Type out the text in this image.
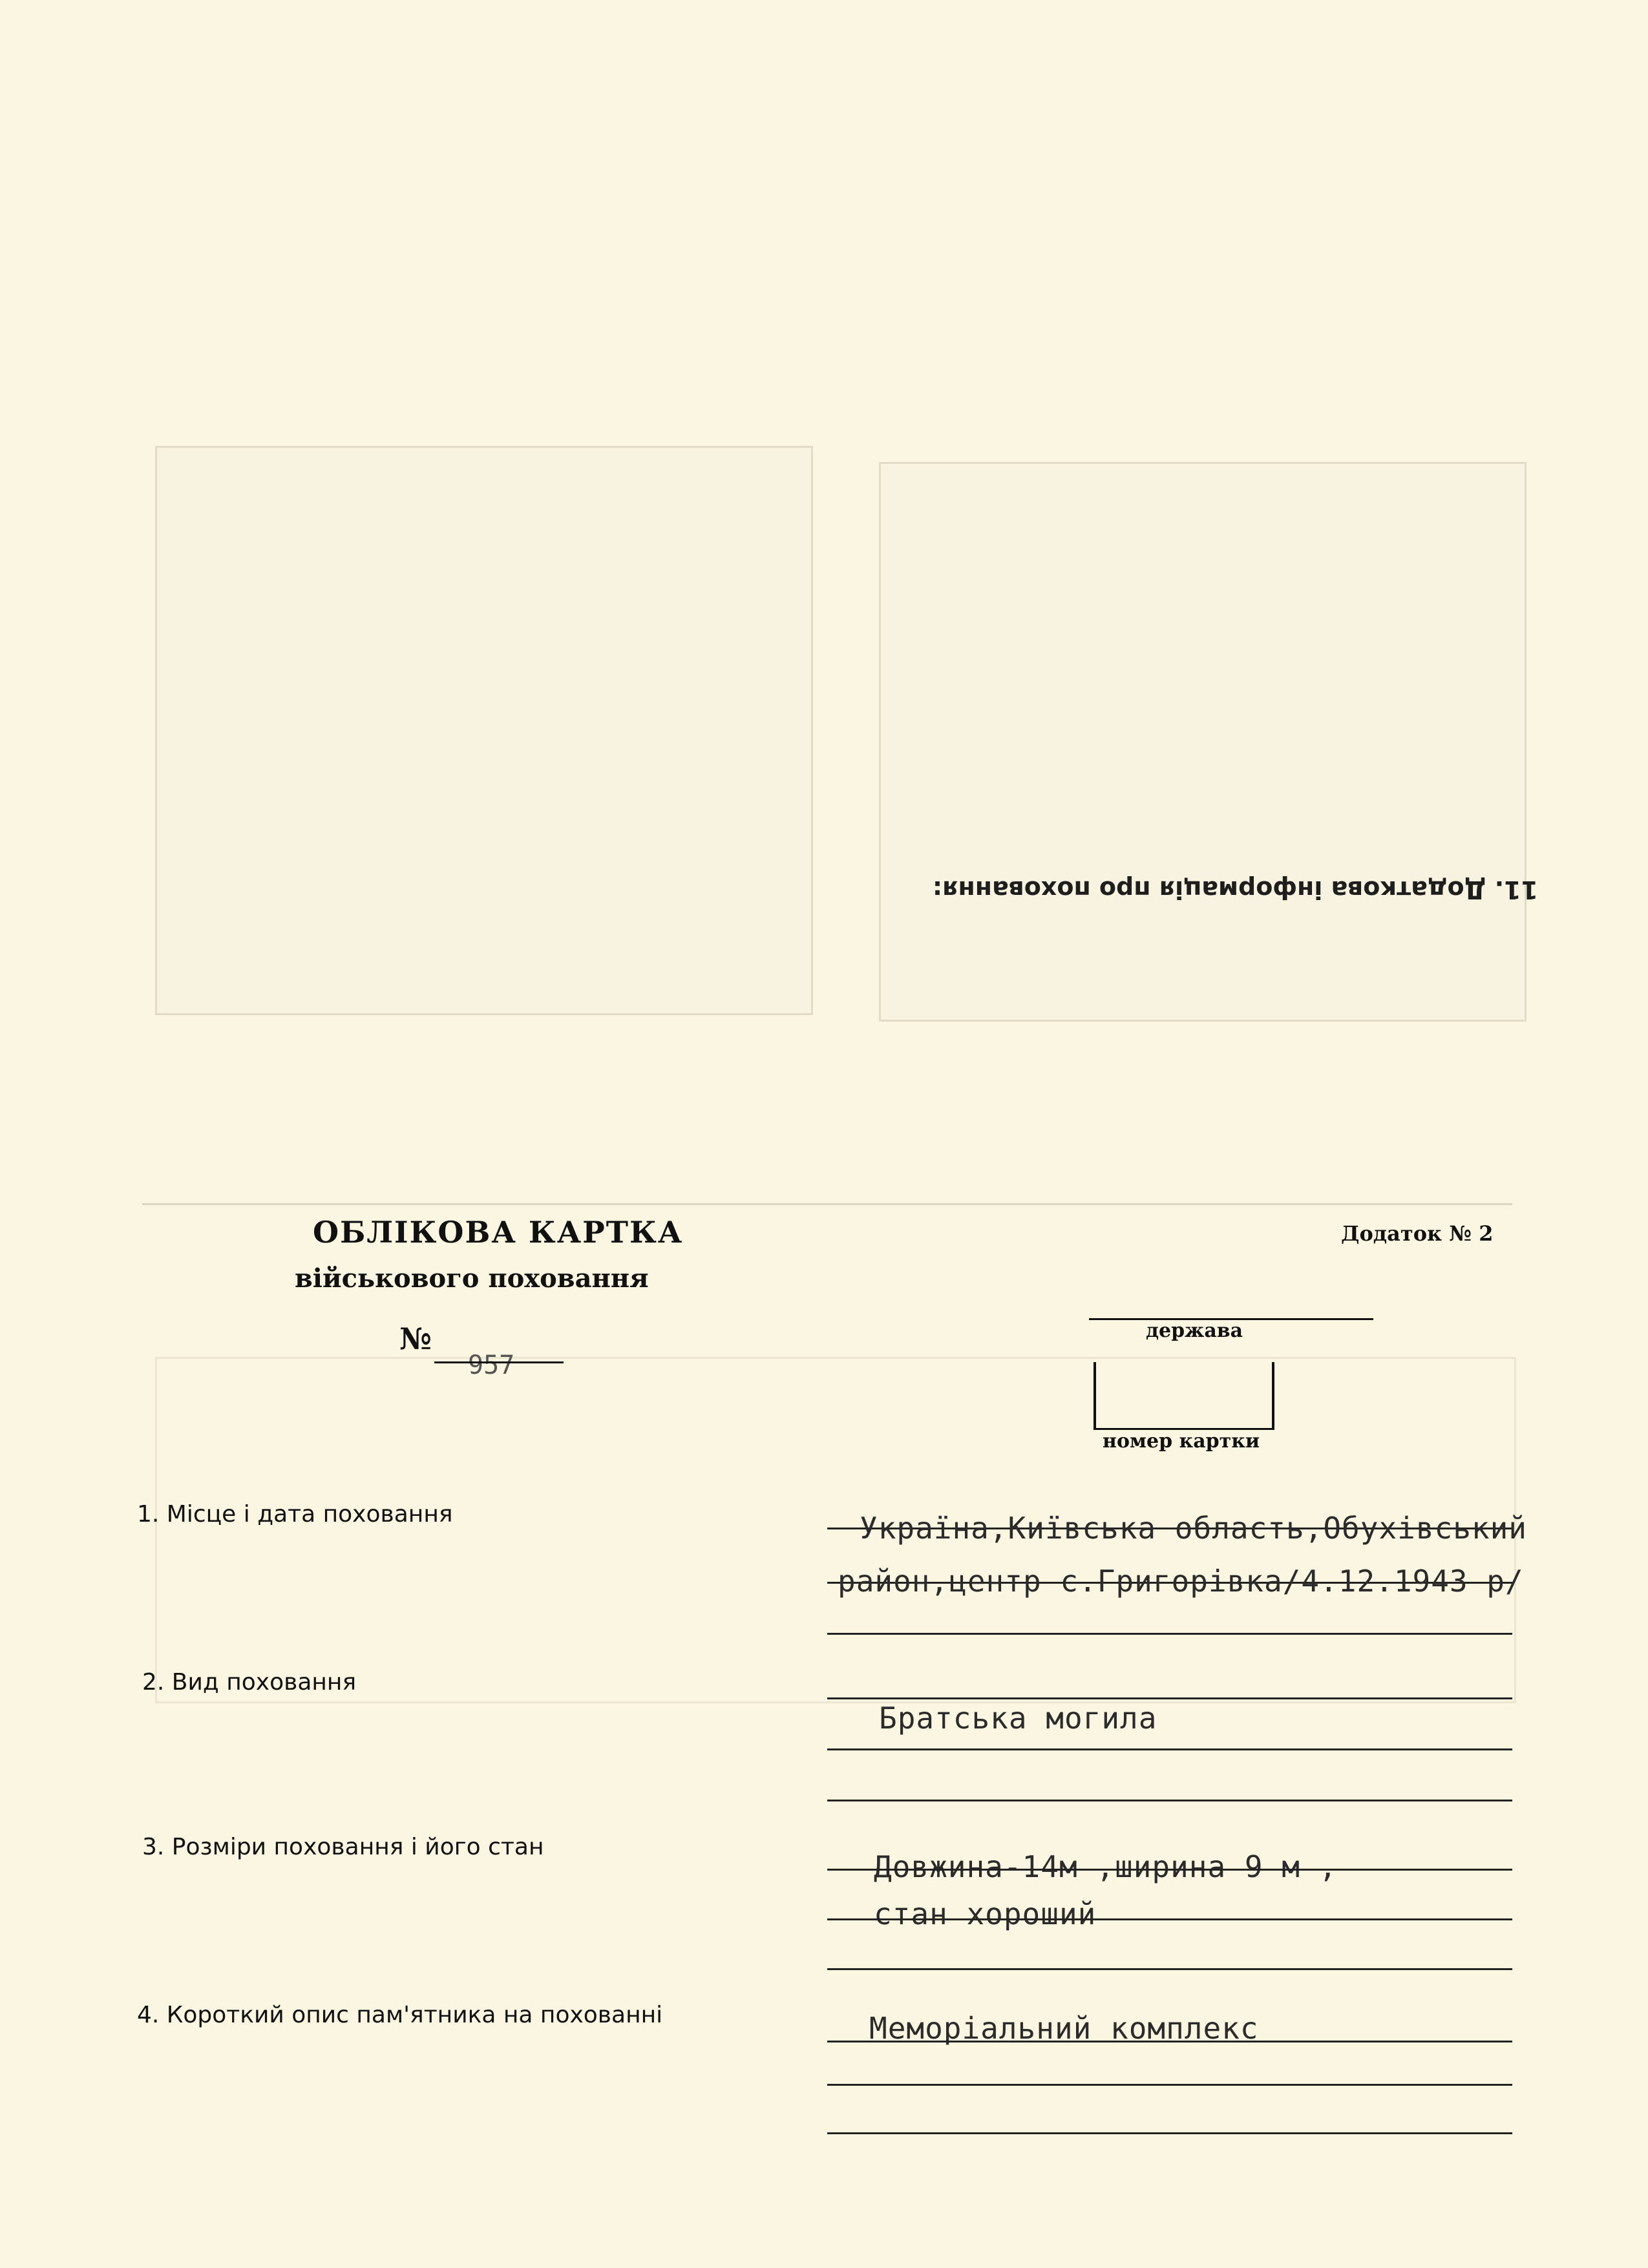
11. Додаткова інформація про поховання:
ОБЛІКОВА КАРТКА
військового поховання
Додаток № 2
№
957
держава
номер картки
1. Місце і дата поховання	Україна,Київська область,Обухівський
район,центр с.Григорівка/4.12.1943 р/
2. Вид поховання
Братська могила
3. Розміри поховання і його стан
Довжина-14м ,ширина 9 м ,
стан хороший
4. Короткий опис пам'ятника на похованні	Меморіальний комплекс
